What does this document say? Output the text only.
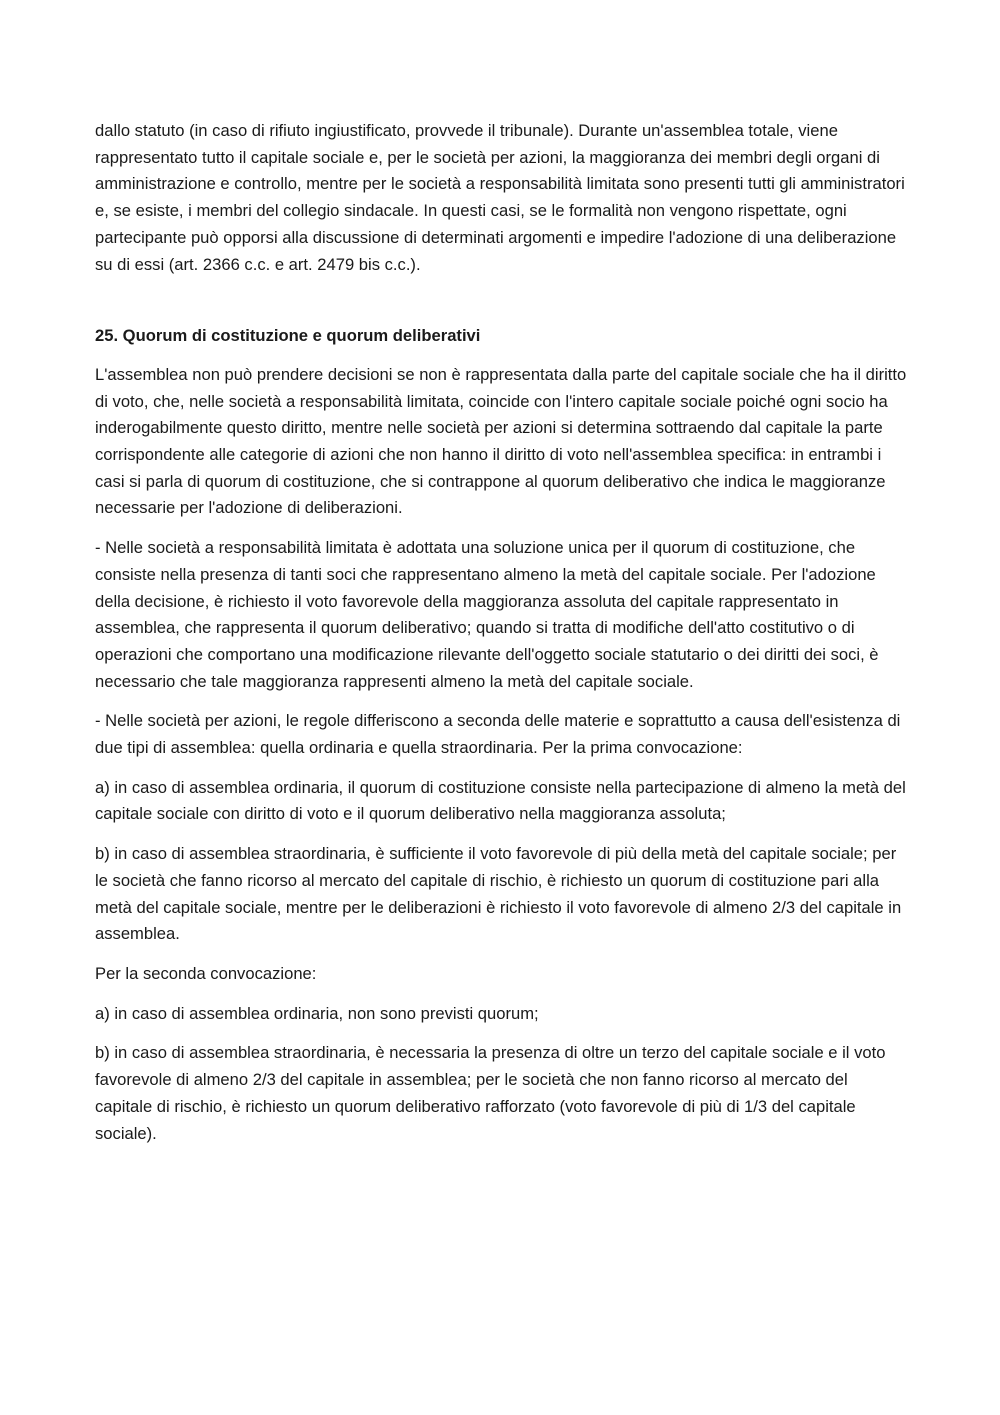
dallo statuto (in caso di rifiuto ingiustificato, provvede il tribunale). Durante un'assemblea totale, viene rappresentato tutto il capitale sociale e, per le società per azioni, la maggioranza dei membri degli organi di amministrazione e controllo, mentre per le società a responsabilità limitata sono presenti tutti gli amministratori e, se esiste, i membri del collegio sindacale. In questi casi, se le formalità non vengono rispettate, ogni partecipante può opporsi alla discussione di determinati argomenti e impedire l'adozione di una deliberazione su di essi (art. 2366 c.c. e art. 2479 bis c.c.).

25. Quorum di costituzione e quorum deliberativi

L'assemblea non può prendere decisioni se non è rappresentata dalla parte del capitale sociale che ha il diritto di voto, che, nelle società a responsabilità limitata, coincide con l'intero capitale sociale poiché ogni socio ha inderogabilmente questo diritto, mentre nelle società per azioni si determina sottraendo dal capitale la parte corrispondente alle categorie di azioni che non hanno il diritto di voto nell'assemblea specifica: in entrambi i casi si parla di quorum di costituzione, che si contrappone al quorum deliberativo che indica le maggioranze necessarie per l'adozione di deliberazioni.

- Nelle società a responsabilità limitata è adottata una soluzione unica per il quorum di costituzione, che consiste nella presenza di tanti soci che rappresentano almeno la metà del capitale sociale. Per l'adozione della decisione, è richiesto il voto favorevole della maggioranza assoluta del capitale rappresentato in assemblea, che rappresenta il quorum deliberativo; quando si tratta di modifiche dell'atto costitutivo o di operazioni che comportano una modificazione rilevante dell'oggetto sociale statutario o dei diritti dei soci, è necessario che tale maggioranza rappresenti almeno la metà del capitale sociale.

- Nelle società per azioni, le regole differiscono a seconda delle materie e soprattutto a causa dell'esistenza di due tipi di assemblea: quella ordinaria e quella straordinaria. Per la prima convocazione:

a) in caso di assemblea ordinaria, il quorum di costituzione consiste nella partecipazione di almeno la metà del capitale sociale con diritto di voto e il quorum deliberativo nella maggioranza assoluta;

b) in caso di assemblea straordinaria, è sufficiente il voto favorevole di più della metà del capitale sociale; per le società che fanno ricorso al mercato del capitale di rischio, è richiesto un quorum di costituzione pari alla metà del capitale sociale, mentre per le deliberazioni è richiesto il voto favorevole di almeno 2/3 del capitale in assemblea.

Per la seconda convocazione:

a) in caso di assemblea ordinaria, non sono previsti quorum;

b) in caso di assemblea straordinaria, è necessaria la presenza di oltre un terzo del capitale sociale e il voto favorevole di almeno 2/3 del capitale in assemblea; per le società che non fanno ricorso al mercato del capitale di rischio, è richiesto un quorum deliberativo rafforzato (voto favorevole di più di 1/3 del capitale sociale).
